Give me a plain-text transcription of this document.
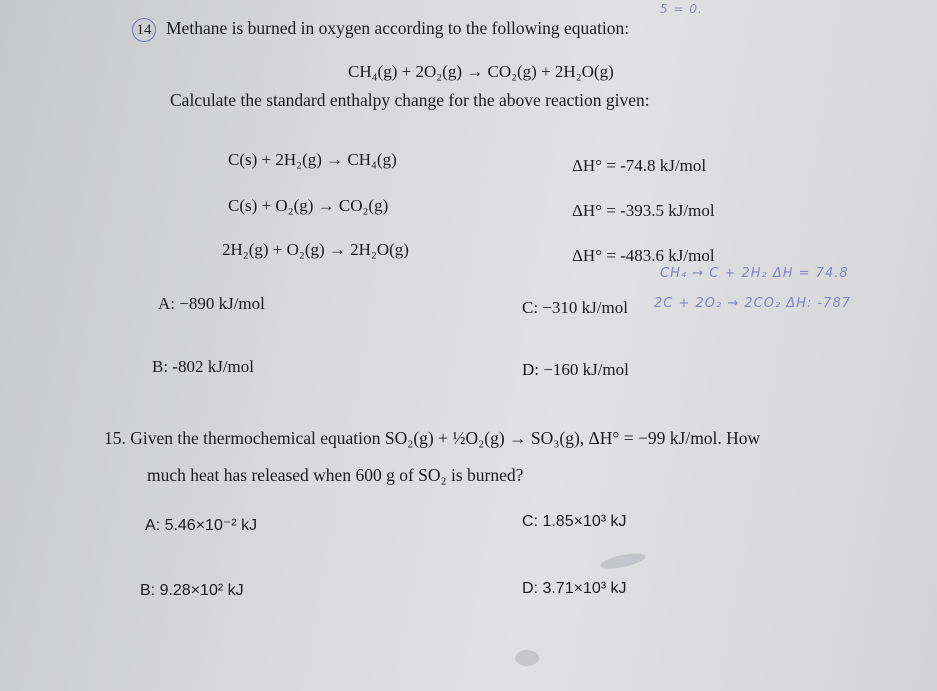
5 = 0.
14 Methane is burned in oxygen according to the following equation:
CH₄(g) + 2O₂(g) → CO₂(g) + 2H₂O(g)
Calculate the standard enthalpy change for the above reaction given:
C(s) + 2H₂(g) → CH₄(g)	ΔH° = -74.8 kJ/mol
C(s) + O₂(g) → CO₂(g)	ΔH° = -393.5 kJ/mol
2H₂(g) + O₂(g) → 2H₂O(g)	ΔH° = -483.6 kJ/mol
CH₄ → C + 2H₂ ΔH = 74.8
2C + 2O₂ → 2CO₂ ΔH: -787
A: −890 kJ/mol	C: −310 kJ/mol
B: -802 kJ/mol	D: −160 kJ/mol
15. Given the thermochemical equation SO₂(g) + ½O₂(g) → SO₃(g), ΔH° = −99 kJ/mol. How
much heat has released when 600 g of SO₂ is burned?
A: 5.46×10⁻² kJ	C: 1.85×10³ kJ
B: 9.28×10² kJ	D: 3.71×10³ kJ
